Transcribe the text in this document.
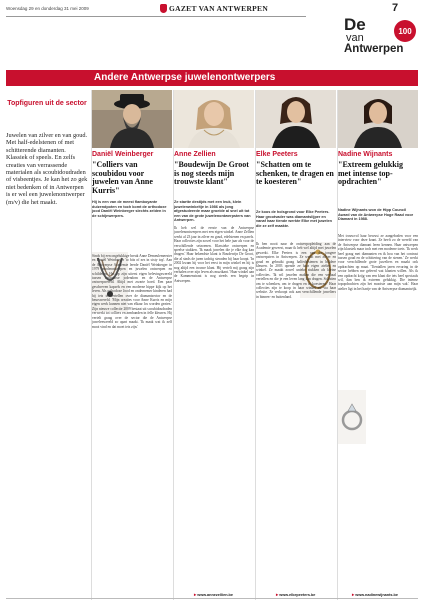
Woensdag 29 en donderdag 31 mei 2009	GAZET VAN ANTWERPEN	7
De
van
Antwerpen
100
Andere Antwerpse juwelenontwerpers
Topfiguren uit de sector
Juwelen van zilver en van goud. Met half-edelstenen of met schitterende diamanten. Klassiek of speels. En zelfs creaties van verrassende materialen als scoubidoudraden of visbeentjes. Je kan het zo gek niet bedenken of in Antwerpen is er wel een juwelenontwerper (m/v) die het maakt.
Daniël Weinberger
"Colliers van scoubidou voor juwelen van Anne Kurris"
Hij is een van de meest flamboyante duizendpoten en toch komt de orthodoxe jood Daniël Weinberger slechts zelden in de schijnwerpers.
Sinds bij een ongelukkige breuk Anne Demeulemeester en Daniël Weinberger 'to bits of zes in sixty top'. Aan de Antwerpse Academie leerde Daniël Weinberger in 1979 modeontwerpen en juwelen ontwerpen en schilderen. Het op zijn uiterst eigen belevingswereld tussen orthodoxe jodendom en de Antwerpse ontwerpwereld. Altijd met zwarte hoed. Een paar geschreven kapsels en een moderne hippe kijk op het leven. Als orthodoxe Jood en ondernemer kinderen had hij iets te vertellen over de diamantsector en de beurswereld. 'Mijn creaties voor Anne Kurris en mijn eigen werk kunnen niet van elkaar los worden gezien.' Zijn nieuwe collectie 2009 bestaat uit scoubidoudraden verwerkt tot colliers en armbanden in felle kleuren. Hij vertelt graag over de sector die de Antwerpse juwelenwereld zo apart maakt. 'Ik maak wat ik zelf mooi vind en dat moet iets zijn.'
Anne Zellien
"Boudewijn De Groot is nog steeds mijn trouwste klant"
Ze startte destijds met een leuk, klein juwelenwinkeltje in 1986 als jong afgestudeerde maar groeide al snel uit tot een van de grote juwelenontwerpsters van Antwerpen.
Ik heb wel de eerste van de Antwerpse juwelenontwerpers met een eigen winkel. Anne Zellien werkt al 23 jaar in zilver en goud, edelstenen en parels. Haar collecties zijn zowel voor het hele jaar als voor de verschillende seizoenen. Klassieke ontwerpen en speelse stukken. 'Ik maak juwelen die je elke dag kan dragen.' Haar bekendste klant is Boudewijn De Groot, die al sinds de jaren tachtig sieraden bij haar koopt. 'In 2002 kwam hij voor het eerst in mijn winkel en hij is nog altijd een trouwe klant. Hij vertelt mij graag zijn verhalen over zijn leven als muzikant.' Haar winkel aan de Kammenstraat is nog steeds een begrip in Antwerpen.
▸ www.annezellien.be
Elke Peeters
"Schatten om te schenken, te dragen en te koesteren"
Ze koos de holsgrond voor Elke Peeters. Haar grootvader was diamantslijper en vanaf haar tiende werkte Elke met juwelen die ze zelf maakte.
Ik ben nooit naar de ontwerpopleiding aan de Academie geweest, maar ik heb wel altijd met juwelen gewerkt. Elke Peeters is een van de jongere ontwerpsters in Antwerpen. Ze werkt met zilver en goud en gebruikt graag halfedelstenen in heldere kleuren. In 2003 opende ze haar eigen atelier en winkel. Ze maakt zowel unieke stukken als kleine collecties. 'Ik wil juwelen maken die een verhaal vertellen en die je een leven lang kan dragen. Schatten om te schenken, om te dragen en te koesteren.' Haar collecties zijn te koop in haar winkel en via haar website. Ze verkoopt ook aan verschillende juweliers in binnen- en buitenland.
▸ www.elkepeeters.be
Nadine Wijnants
"Extreem gelukkig met intense top-opdrachten"
Nadine Wijnants won de Hipp Council Award van de Antwerpse Hoge Raad voor Diamant in 1988.
Met trouwvol haar bewust ze aangeboden voor een interview voor deze krant. Ze heeft zo de wereld van de Antwerpse diamant leren kennen. Haar ontwerpen zijn klassiek maar toch met een moderne toets. 'Ik werk heel graag met diamanten en ik hou van het contrast tussen goud en de schittering van de stenen.' Ze werkt voor verschillende grote juweliers en maakt ook opdrachten op maat. 'Tientallen jaren ervaring in de sector hebben me geleerd wat klanten willen. Als ik een opdracht krijg van een klant die iets heel speciaals wil, dan ben ik extreem gelukkig. Die intense topopdrachten zijn het mooiste aan mijn vak.' Haar atelier ligt in het hartje van de Antwerpse diamantwijk.
▸ www.nadinewijnants.be
